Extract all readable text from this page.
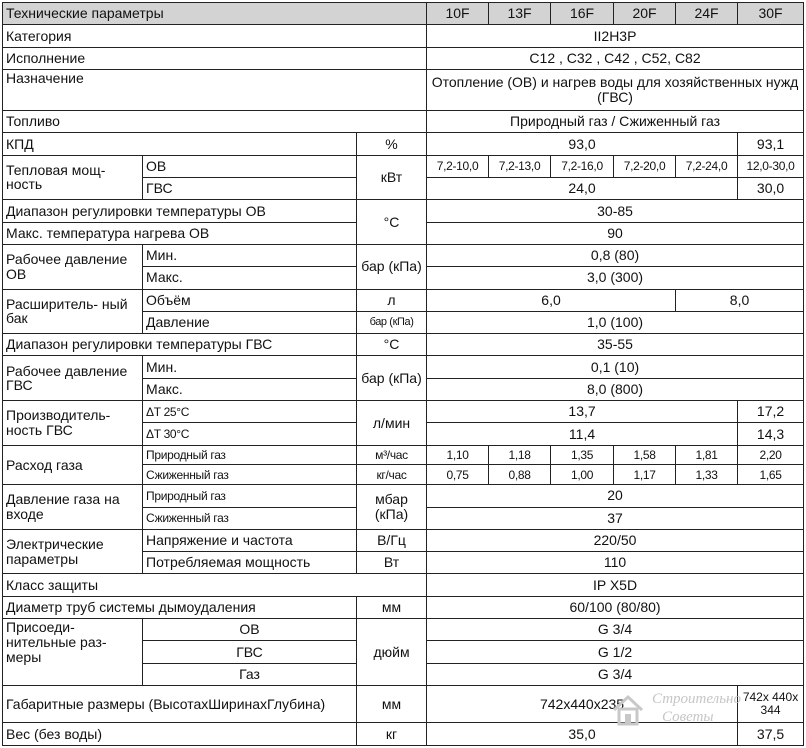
Технические параметры			10F	13F	16F	20F	24F	30F
Категория			II2H3P					
Исполнение			C12 , C32 , C42 , C52, C82					
Назначение			Отопление (ОВ) и нагрев воды для хозяйственных нужд (ГВС)					
Топливо			Природный газ / Сжиженный газ					
КПД		%	93,0					93,1
Тепловая мощ- ность	ОВ	кВт	7,2-10,0	7,2-13,0	7,2-16,0	7,2-20,0	7,2-24,0	12,0-30,0
	ГВС		24,0					30,0
Диапазон регулировки температуры ОВ		°С	30-85					
Макс. температура нагрева ОВ			90					
Рабочее давление ОВ	Мин.	бар (кПа)	0,8 (80)					
	Макс.		3,0 (300)					
Расширитель- ный бак	Объём	л	6,0				8,0	
	Давление	бар (кПа)	1,0 (100)					
Диапазон регулировки температуры ГВС		°С	35-55					
Рабочее давление ГВС	Мин.	бар (кПа)	0,1 (10)					
	Макс.		8,0 (800)					
Производитель- ность ГВС	ΔT 25°C	л/мин	13,7					17,2
	ΔT 30°C		11,4					14,3
Расход газа	Природный газ	м³/час	1,10	1,18	1,35	1,58	1,81	2,20
	Сжиженный газ	кг/час	0,75	0,88	1,00	1,17	1,33	1,65
Давление газа на входе	Природный газ	мбар (кПа)	20					
	Сжиженный газ		37					
Электрические параметры	Напряжение и частота	В/Гц	220/50					
	Потребляемая мощность	Вт	110					
Класс защиты			IP X5D					
Диаметр труб системы дымоудаления		мм	60/100 (80/80)					
Присоеди- нительные раз- меры	ОВ	дюйм	G 3/4					
	ГВС		G 1/2					
	Газ		G 3/4					
Габаритные размеры (ВысотахШиринахГлубина)		мм	742х440х235					742х 440х 344
Вес (без воды)		кг	35,0					37,5
Строительно
Советы
